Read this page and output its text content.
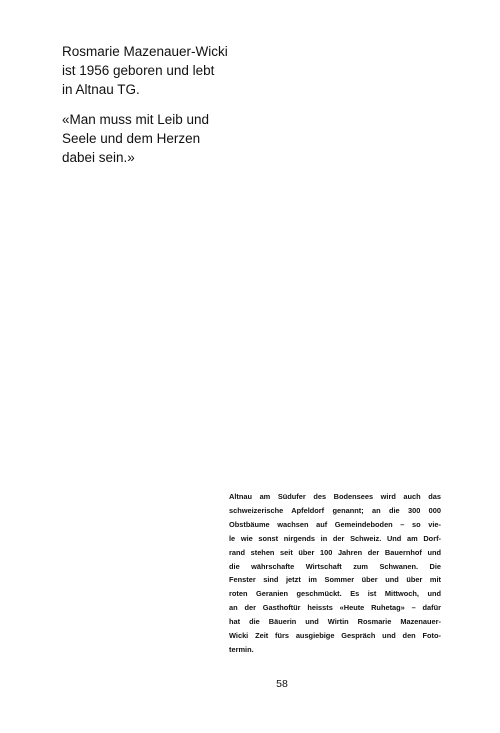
Rosmarie Mazenauer-Wicki
ist 1956 geboren und lebt
in Altnau TG.
«Man muss mit Leib und
Seele und dem Herzen
dabei sein.»
Altnau am Südufer des Bodensees wird auch das
schweizerische Apfeldorf genannt; an die 300 000
Obstbäume wachsen auf Gemeindeboden – so vie-
le wie sonst nirgends in der Schweiz. Und am Dorf-
rand stehen seit über 100 Jahren der Bauernhof und
die währschafte Wirtschaft zum Schwanen. Die
Fenster sind jetzt im Sommer über und über mit
roten Geranien geschmückt. Es ist Mittwoch, und
an der Gasthoftür heissts «Heute Ruhetag» – dafür
hat die Bäuerin und Wirtin Rosmarie Mazenauer-
Wicki Zeit fürs ausgiebige Gespräch und den Foto-
termin.
58
